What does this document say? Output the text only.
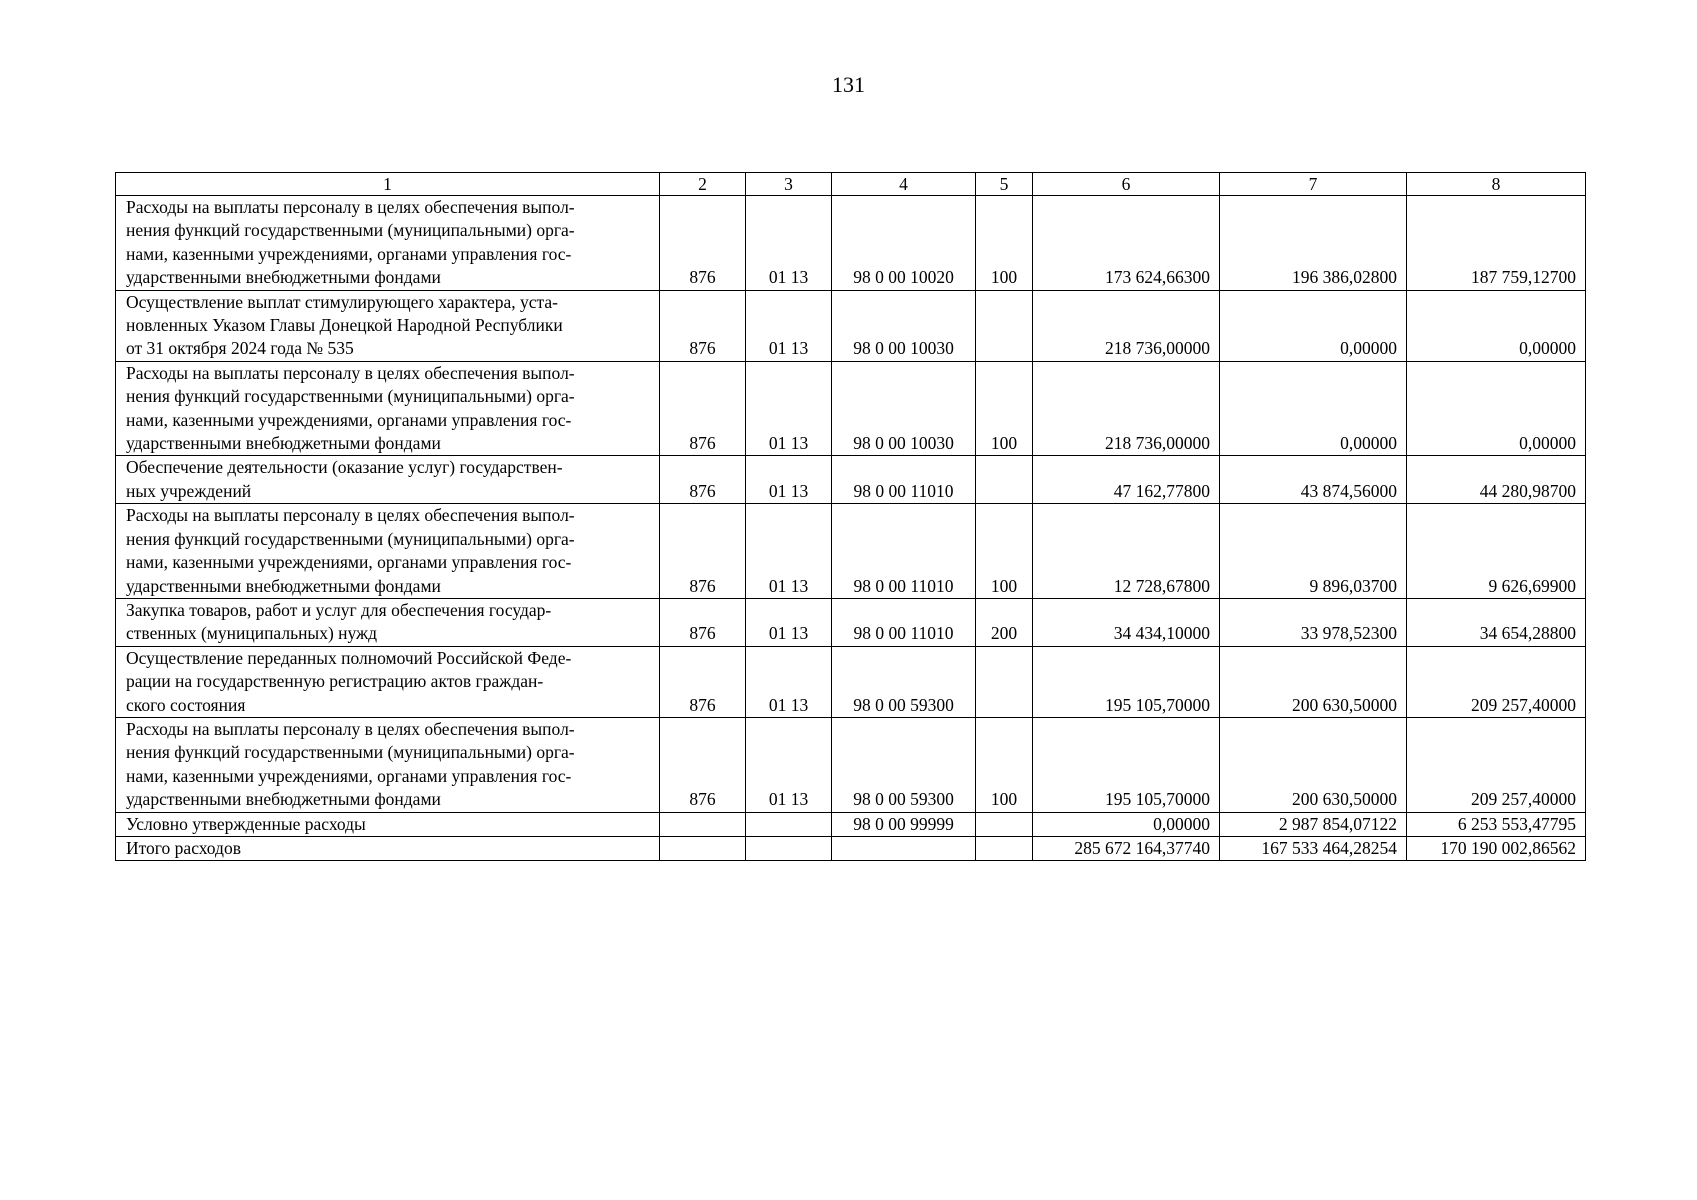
131
1	2	3	4	5	6	7	8
Расходы на выплаты персоналу в целях обеспечения выпол-
нения функций государственными (муниципальными) орга-
нами, казенными учреждениями, органами управления гос-
ударственными внебюджетными фондами	876	01 13	98 0 00 10020	100	173 624,66300	196 386,02800	187 759,12700
Осуществление выплат стимулирующего характера, уста-
новленных Указом Главы Донецкой Народной Республики
от 31 октября 2024 года № 535	876	01 13	98 0 00 10030		218 736,00000	0,00000	0,00000
Расходы на выплаты персоналу в целях обеспечения выпол-
нения функций государственными (муниципальными) орга-
нами, казенными учреждениями, органами управления гос-
ударственными внебюджетными фондами	876	01 13	98 0 00 10030	100	218 736,00000	0,00000	0,00000
Обеспечение деятельности (оказание услуг) государствен-
ных учреждений	876	01 13	98 0 00 11010		47 162,77800	43 874,56000	44 280,98700
Расходы на выплаты персоналу в целях обеспечения выпол-
нения функций государственными (муниципальными) орга-
нами, казенными учреждениями, органами управления гос-
ударственными внебюджетными фондами	876	01 13	98 0 00 11010	100	12 728,67800	9 896,03700	9 626,69900
Закупка товаров, работ и услуг для обеспечения государ-
ственных (муниципальных) нужд	876	01 13	98 0 00 11010	200	34 434,10000	33 978,52300	34 654,28800
Осуществление переданных полномочий Российской Феде-
рации на государственную регистрацию актов граждан-
ского состояния	876	01 13	98 0 00 59300		195 105,70000	200 630,50000	209 257,40000
Расходы на выплаты персоналу в целях обеспечения выпол-
нения функций государственными (муниципальными) орга-
нами, казенными учреждениями, органами управления гос-
ударственными внебюджетными фондами	876	01 13	98 0 00 59300	100	195 105,70000	200 630,50000	209 257,40000
Условно утвержденные расходы			98 0 00 99999		0,00000	2 987 854,07122	6 253 553,47795
Итого расходов					285 672 164,37740	167 533 464,28254	170 190 002,86562
